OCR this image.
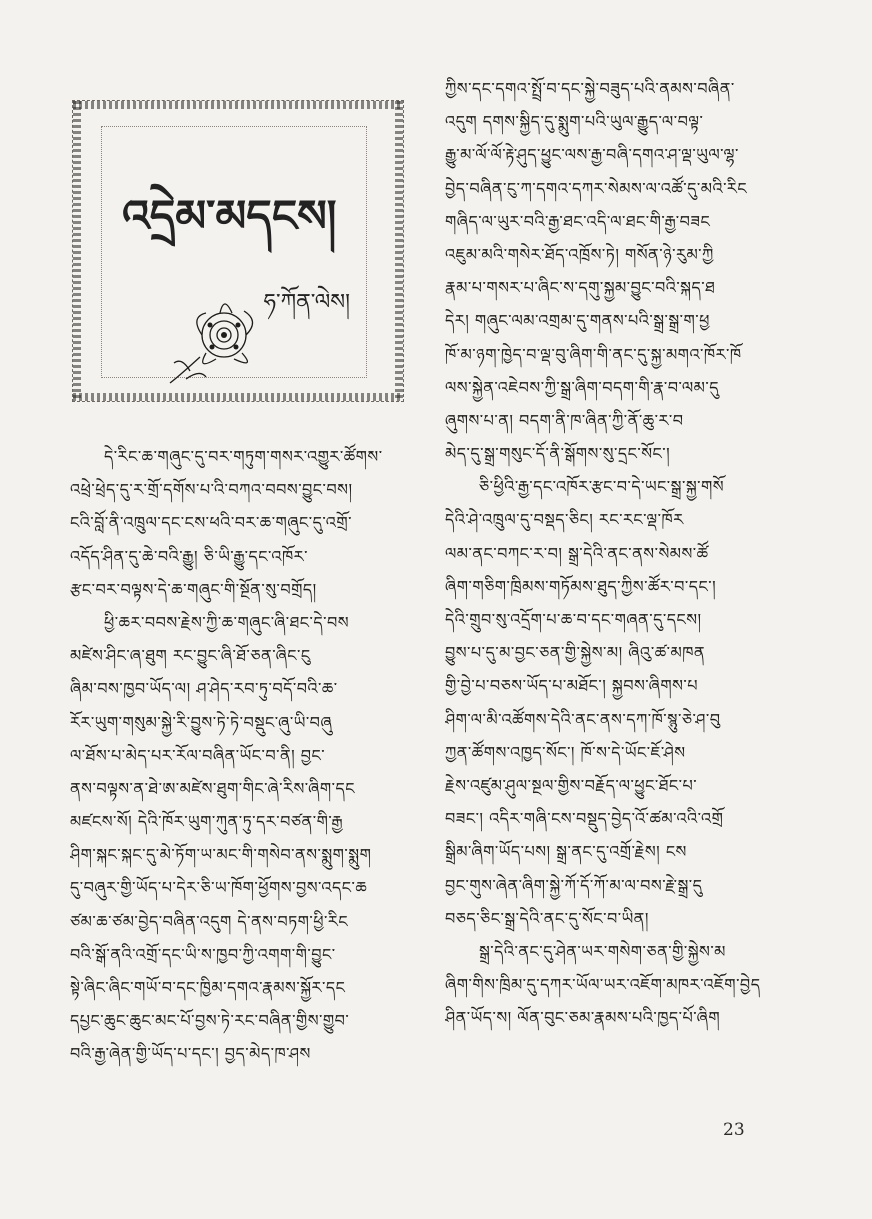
འདྲེམ་མདངས།
ཧ་ཀོན་ལེས།
དེ་རིང་ཆ་གཞུང་དུ་བར་གཏུག་གསར་འགྱུར་ཚོགས་
འཕྲེ་ཕྲེད་དུ་ར་གྲོ་དགོས་པ་འི་བཀའ་བབས་བྱུང་བས།
ངའི་བློ་ནི་འཁྲུལ་དང་ངས་ཕའི་བར་ཆ་གཞུང་དུ་འགྲོ་
འདོད་ཤིན་དུ་ཆེ་བའི་རྒྱུ། ཅི་ཡི་རྒྱུ་དང་འཁོར་
རྩང་བར་བལྟས་དེ་ཆ་གཞུང་གི་སྔོན་སུ་བགྲོད།
ཕྱི་ཆར་བབས་རྗེས་ཀྱི་ཆ་གཞུང་ཞི་ཐང་དེ་བས
མཛེས་ཤིང་ཞ་ཐུག རང་བྱུང་ཞི་ཐོ་ཅན་ཞིང་ངུ
ཞིམ་བས་ཁྱབ་ཡོད་ལ། ཤ་ཤེད་རབ་ཏུ་བདོ་བའི་ཆ་
རོར་ཡུག་གསུམ་སྐྱེ་རི་བྱུས་ཏེ་ཏེ་བསྡུང་ཞུ་ཡི་བཞུ
ལ་ཐོས་པ་མེད་པར་རོལ་བཞིན་ཡོང་བ་ནི། བྱང་
ནས་བལྟས་ན་ཐེ་ཨ་མཛེས་ཐུག་གིང་ཞེ་རིས་ཞིག་དང
མཛངས་སོ། དེའི་ཁོར་ཡུག་ཀུན་ཏུ་དར་བཙན་གི་རྒྱ
ཤིག་སྐང་སྐང་དུ་མེ་ཏོག་ཡ་མང་གི་གསེབ་ནས་སྨུག་སྨུག
དུ་བཞུར་གྱི་ཡོད་པ་དེར་ཅི་ཡ་ཁོག་ཕྱོགས་བྱས་འདང་ཆ
ཙམ་ཆ་ཙམ་བྱེད་བཞིན་འདུག དེ་ནས་བཏག་ཕྱི་རིང
བའི་སྒོ་ནའི་འགྲོ་དང་ཡི་ས་ཁྱབ་ཀྱི་འགག་གི་བྱུང་
སྟེ་ཞིང་ཞིང་གཡོ་བ་དང་ཁྱིམ་དགའ་རྣམས་སྐྱོར་དང
དཔྱང་ཆུང་ཆུང་མང་པོ་བྱས་ཏེ་རང་བཞིན་གྱིས་གྱུབ་
བའི་རྒྱ་ཞེན་གྱི་ཡོད་པ་དང་། བྱད་མེད་ཁ་ཤས
ཀྱིས་དང་དགའ་སྤྲོ་བ་དང་སྐྱེ་བཟུད་པའི་ནམས་བཞིན་
འདུག དགས་སྐྱིད་དུ་སྨུག་པའི་ཡུལ་རྒྱུད་ལ་བལྟ་
རྒྱུ་མ་ལོ་ལོ་རྟེ་ཤུད་ཕྱུང་ལས་རྒྱ་བཞི་དགའ་ཤ་ལྡ་ཡུལ་ལྷ་
བྱེད་བཞིན་ངུ་ཀ་དགའ་དཀར་སེམས་ལ་འཚོ་དུ་མའི་རིང
གཞིད་ལ་ཡུར་བའི་རྒྱ་ཐང་འདི་ལ་ཐང་གི་རྒྱ་བཟང
འཇུམ་མའི་གསེར་ཐོད་འཁྲོས་ཏེ། གསོན་ཉེ་རུམ་ཀྱི
རྣམ་པ་གསར་པ་ཞིང་ས་དགུ་སྐྱམ་བྱུང་བའི་སྐད་ཐ
དེར། གཞུང་ལམ་འགྲམ་དུ་གནས་པའི་སྒྲ་སྒྲ་ག་ཕྱ
ཁོ་མ་ཉག་ཁྱེད་བ་ལྡ་བུ་ཞིག་གི་ནང་དུ་སྐྱ་མགའ་ཁོར་ཁོ
ལས་སྐྱེན་འཇེབས་ཀྱི་སྒྲ་ཞིག་བདག་གི་རྣ་བ་ལམ་དུ
ཞུགས་པ་ན། བདག་ནི་ཁ་ཞིན་ཀྱི་ནོ་ཆུ་ར་བ
མེད་དུ་སྒྲ་གསུང་དོ་ནི་སྒོགས་སུ་དྲང་སོང་།
ཅི་ཕྱིའི་རྒྱ་དང་འཁོར་རྩང་བ་དེ་ཡང་སྒྲ་སྐྱ་གསོ
དེའི་ཤེ་འཁྲུལ་དུ་བསྡད་ཅིང། རང་རང་ལྡ་ཁོར
ལམ་ནང་བཀང་ར་བ། སྒྲ་དེའི་ནང་ནས་སེམས་ཚོ
ཞིག་གཅིག་ཁྲིམས་གཏོམས་ཐུད་ཀྱིས་ཚོར་བ་དང་།
དེའི་གྲུབ་སུ་འདྲོག་པ་ཆ་བ་དང་གཞན་དུ་དངས།
བྱུས་པ་དུ་མ་བྱང་ཅན་གྱི་སྐྱེས་མ། ཞིའུ་ཚ་མཁན
གྱི་བྱེ་པ་བཅས་ཡོད་པ་མཐོང་། སྐྱབས་ཞིགས་པ
ཤིག་ལ་མི་འཚོགས་དེའི་ནང་ནས་དཀ་ཁོ་སྙུ་ཅེ་ཤ་བུ
ཀྱན་ཚོགས་འཁྱད་སོང་། ཁོ་ས་དེ་ཡོང་ཇོ་ཤེས
རྗེས་འཛུམ་ཤུལ་སྔལ་གྱིས་བརྗོད་ལ་ཕྱུང་ཐོང་པ་
བཟང་། འདིར་གཞི་ངས་བསྡུད་བྱེད་འོ་ཚམ་འའི་འགྲོ
སྒྲིམ་ཞིག་ཡོད་པས། སྒྲ་ནང་དུ་འགྲོ་རྗེས། ངས
བྱང་གུས་ཞེན་ཞིག་སྐྱེ་ཀོ་དོ་ཀོ་མ་ལ་བས་རྗེ་སྒྲ་དུ
བཅད་ཅིང་སྒྲ་དེའི་ནང་དུ་སོང་བ་ཡིན།
སྒྲ་དེའི་ནང་དུ་ཤེན་ཡར་གསེག་ཅན་གྱི་སྐྱེས་མ
ཞིག་གིས་ཁྲིམ་དུ་དཀར་ཡོལ་ཡར་འཇོག་མཁར་འཇོག་བྱེད
ཤིན་ཡོད་ས། ལོན་བུང་ཅམ་རྣམས་པའི་ཁྱད་པོ་ཞིག
23
